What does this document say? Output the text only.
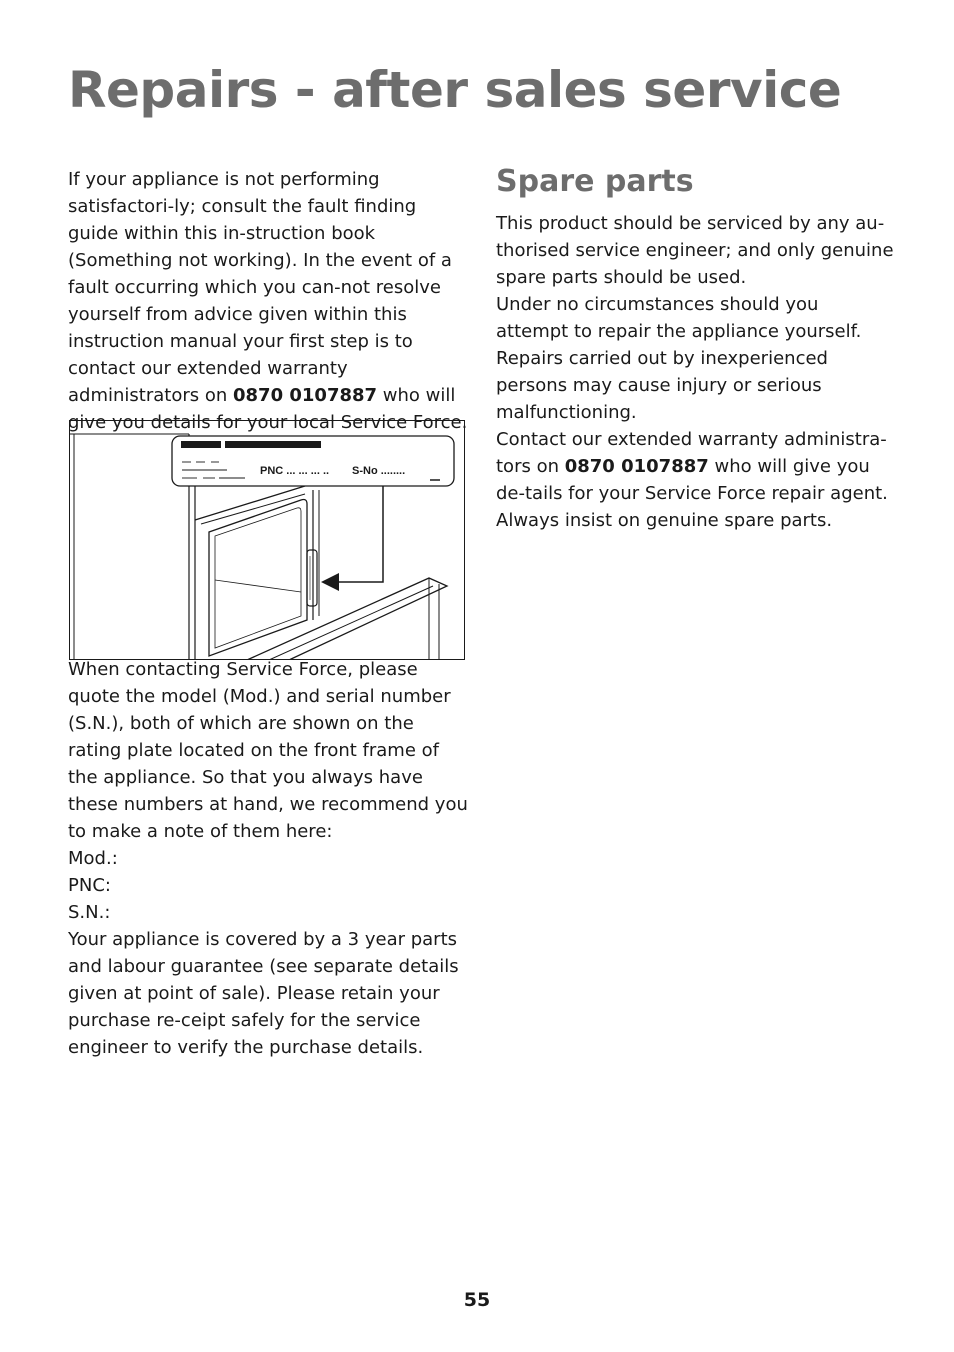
Repairs - after sales service

If your appliance is not performing satisfactori-ly; consult the fault finding guide within this in-struction book (Something not working). In the event of a fault occurring which you can-not resolve yourself from advice given within this instruction manual your first step is to contact our extended warranty administrators on 0870 0107887 who will give you details for your local Service Force.

PNC ... ... ... .. S-No ........

When contacting Service Force, please quote the model (Mod.) and serial number (S.N.), both of which are shown on the rating plate located on the front frame of the appliance. So that you always have these numbers at hand, we recommend you to make a note of them here:

Mod.:

PNC:

S.N.:

Your appliance is covered by a 3 year parts and labour guarantee (see separate details given at point of sale). Please retain your purchase re-ceipt safely for the service engineer to verify the purchase details.

Spare parts

This product should be serviced by any au-thorised service engineer; and only genuine spare parts should be used.

Under no circumstances should you attempt to repair the appliance yourself.

Repairs carried out by inexperienced persons may cause injury or serious malfunctioning.

Contact our extended warranty administra-tors on 0870 0107887 who will give you de-tails for your Service Force repair agent.

Always insist on genuine spare parts.

55
